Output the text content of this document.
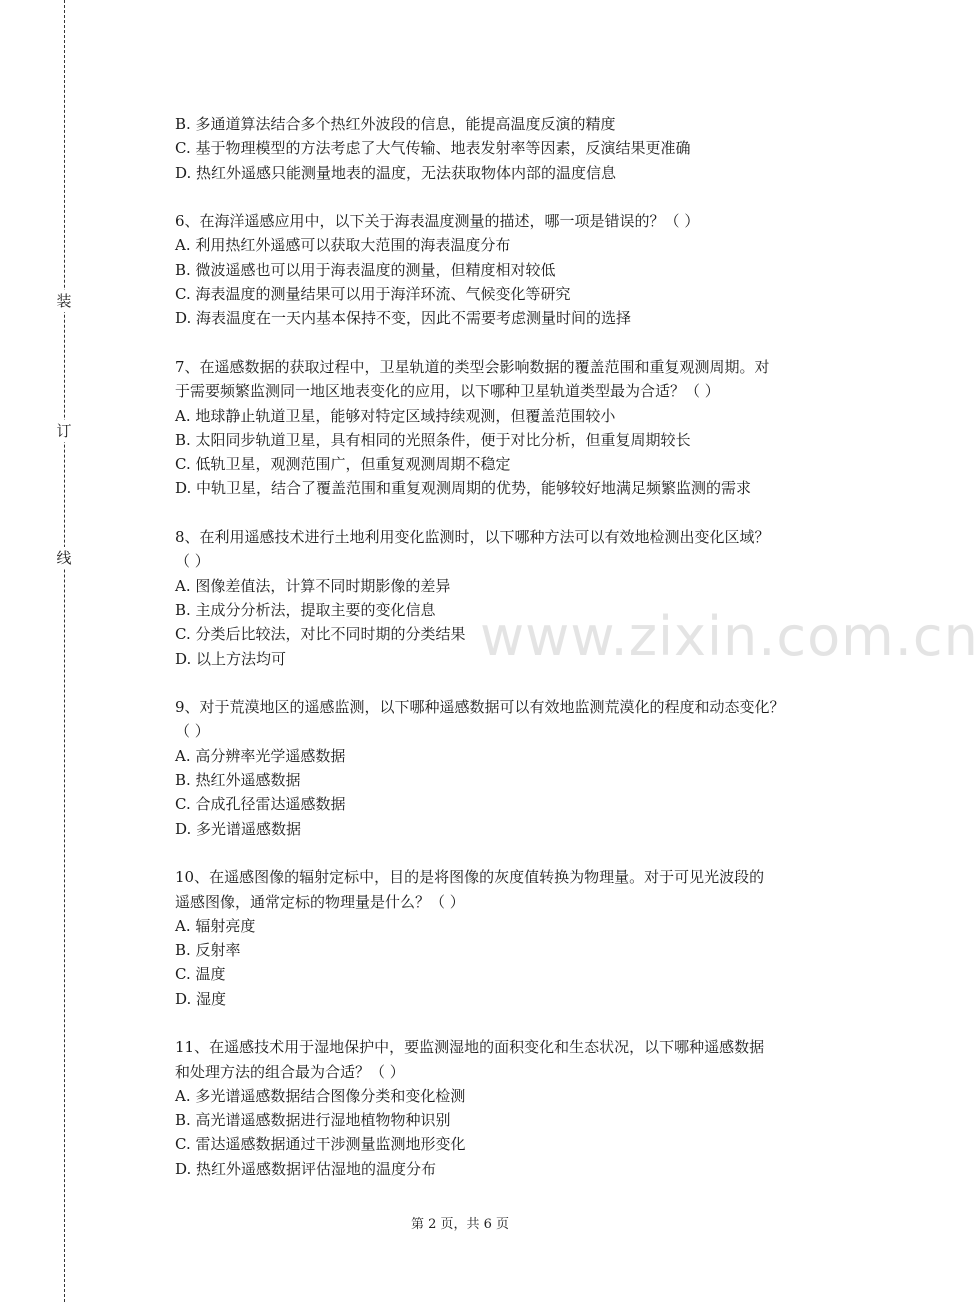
装
订
线
www.zixin.com.cn
B. 多通道算法结合多个热红外波段的信息，能提高温度反演的精度
C. 基于物理模型的方法考虑了大气传输、地表发射率等因素，反演结果更准确
D. 热红外遥感只能测量地表的温度，无法获取物体内部的温度信息
6、在海洋遥感应用中，以下关于海表温度测量的描述，哪一项是错误的？（ ）
A. 利用热红外遥感可以获取大范围的海表温度分布
B. 微波遥感也可以用于海表温度的测量，但精度相对较低
C. 海表温度的测量结果可以用于海洋环流、气候变化等研究
D. 海表温度在一天内基本保持不变，因此不需要考虑测量时间的选择
7、在遥感数据的获取过程中，卫星轨道的类型会影响数据的覆盖范围和重复观测周期。对
于需要频繁监测同一地区地表变化的应用，以下哪种卫星轨道类型最为合适？（ ）
A. 地球静止轨道卫星，能够对特定区域持续观测，但覆盖范围较小
B. 太阳同步轨道卫星，具有相同的光照条件，便于对比分析，但重复周期较长
C. 低轨卫星，观测范围广，但重复观测周期不稳定
D. 中轨卫星，结合了覆盖范围和重复观测周期的优势，能够较好地满足频繁监测的需求
8、在利用遥感技术进行土地利用变化监测时，以下哪种方法可以有效地检测出变化区域？
（ ）
A. 图像差值法，计算不同时期影像的差异
B. 主成分分析法，提取主要的变化信息
C. 分类后比较法，对比不同时期的分类结果
D. 以上方法均可
9、对于荒漠地区的遥感监测，以下哪种遥感数据可以有效地监测荒漠化的程度和动态变化？
（ ）
A. 高分辨率光学遥感数据
B. 热红外遥感数据
C. 合成孔径雷达遥感数据
D. 多光谱遥感数据
10、在遥感图像的辐射定标中，目的是将图像的灰度值转换为物理量。对于可见光波段的
遥感图像，通常定标的物理量是什么？（ ）
A. 辐射亮度
B. 反射率
C. 温度
D. 湿度
11、在遥感技术用于湿地保护中，要监测湿地的面积变化和生态状况，以下哪种遥感数据
和处理方法的组合最为合适？（ ）
A. 多光谱遥感数据结合图像分类和变化检测
B. 高光谱遥感数据进行湿地植物物种识别
C. 雷达遥感数据通过干涉测量监测地形变化
D. 热红外遥感数据评估湿地的温度分布
第 2 页，共 6 页
